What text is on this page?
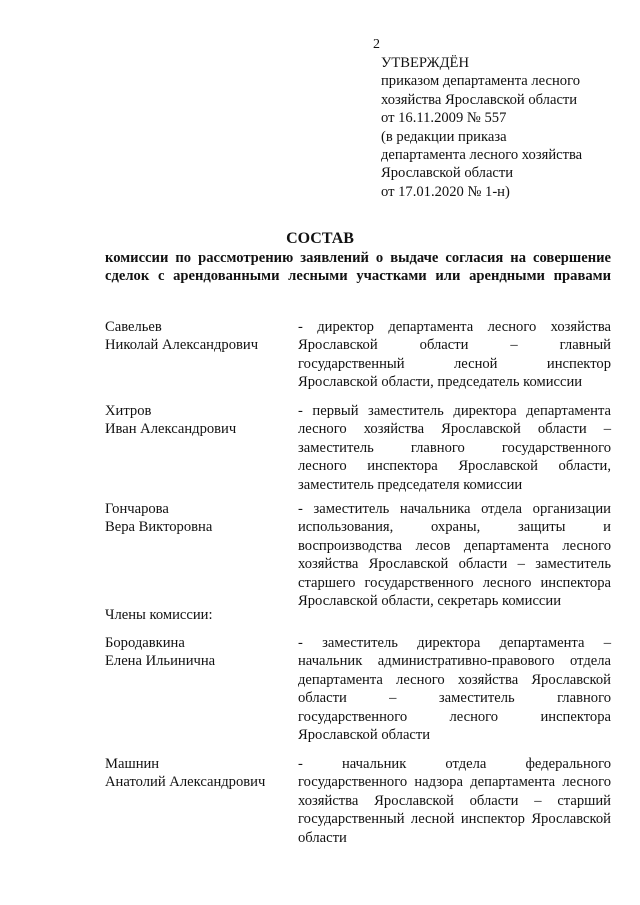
2
УТВЕРЖДЁН
приказом департамента лесного
хозяйства Ярославской области
от 16.11.2009 № 557
(в редакции приказа
департамента лесного хозяйства
Ярославской области
от 17.01.2020 № 1-н)
СОСТАВ
комиссии по рассмотрению заявлений о выдаче согласия на совершение
сделок с арендованными лесными участками или арендными правами
Савельев
Николай Александрович
- директор департамента лесного хозяйства
Ярославской области – главный
государственный лесной инспектор
Ярославской области, председатель комиссии
Хитров
Иван Александрович
- первый заместитель директора департамента
лесного хозяйства Ярославской области –
заместитель главного государственного
лесного инспектора Ярославской области,
заместитель председателя комиссии
Гончарова
Вера Викторовна
- заместитель начальника отдела организации
использования, охраны, защиты и
воспроизводства лесов департамента лесного
хозяйства Ярославской области – заместитель
старшего государственного лесного инспектора
Ярославской области, секретарь комиссии
Члены комиссии:
Бородавкина
Елена Ильинична
- заместитель директора департамента –
начальник административно-правового отдела
департамента лесного хозяйства Ярославской
области – заместитель главного
государственного лесного инспектора
Ярославской области
Машнин
Анатолий Александрович
- начальник отдела федерального
государственного надзора департамента лесного
хозяйства Ярославской области – старший
государственный лесной инспектор Ярославской
области
